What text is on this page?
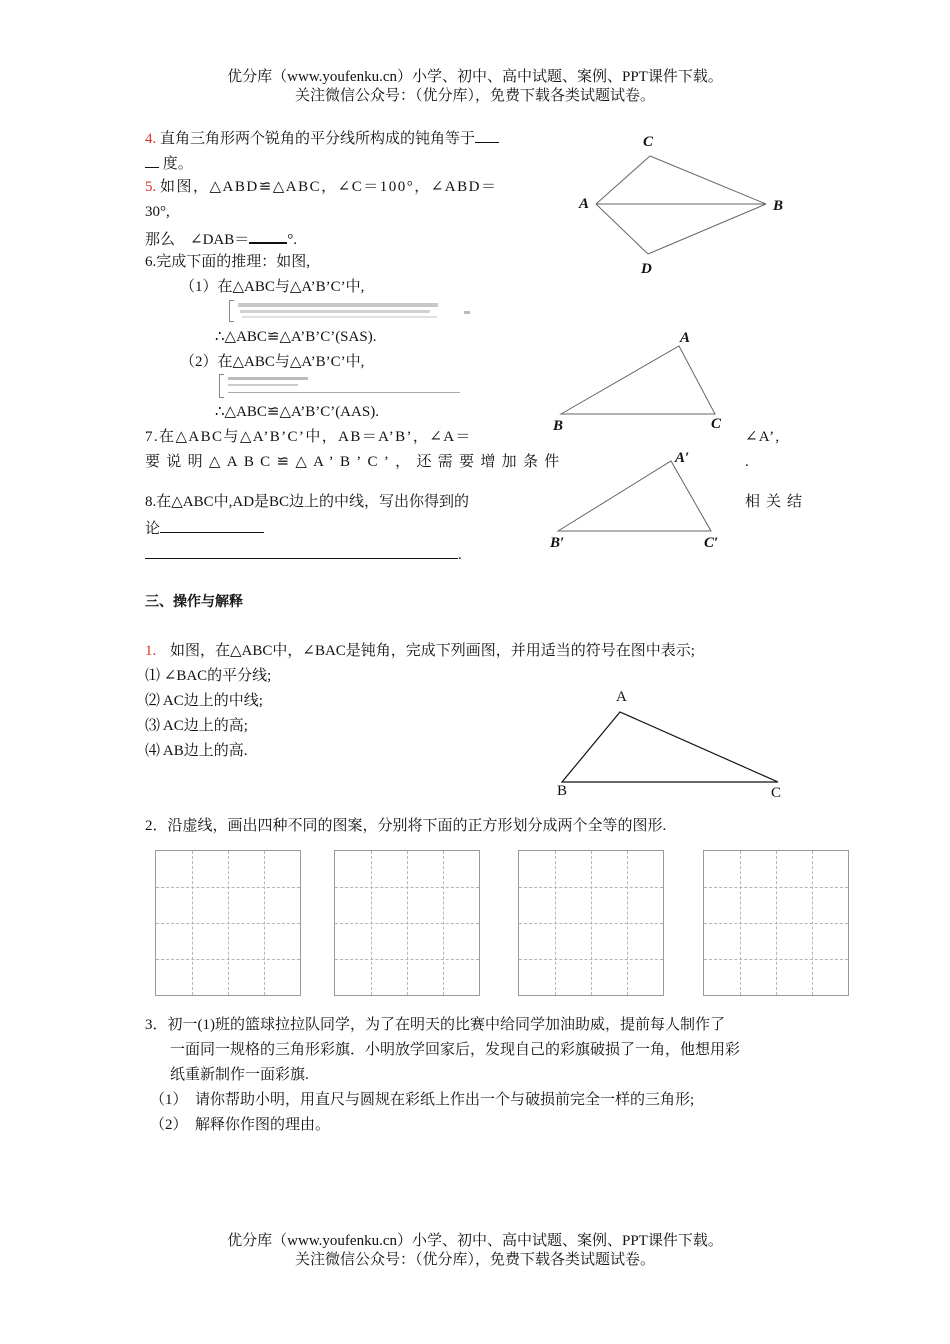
优分库（www.youfenku.cn）小学、初中、高中试题、案例、PPT课件下载。
关注微信公众号：（优分库），免费下载各类试题试卷。
4. 直角三角形两个锐角的平分线所构成的钝角等于
度。
5. 如图，△ABD≌△ABC，∠C＝100°，∠ABD＝
30°,
那么　∠DAB＝	°.
C
A	B
D
6.完成下面的推理：如图,
（1）在△ABC与△A’B’C’中,
∴△ABC≌△A’B’C’(SAS).
（2）在△ABC与△A’B’C’中,
∴△ABC≌△A’B’C’(AAS).
A
B	C
7.在△ABC与△A’B’C’中，AB＝A’B’，∠A＝	∠A’,
要说明△ABC≌△A’B’C’，还需要增加条件	.
A′
B′	C′
8.在△ABC中,AD是BC边上的中线，写出你得到的	相关结
论
.
三、操作与解释
1. 如图，在△ABC中，∠BAC是钝角，完成下列画图，并用适当的符号在图中表示;
⑴ ∠BAC的平分线;
⑵ AC边上的中线;
⑶ AC边上的高;
⑷ AB边上的高.
A
B	C
2．沿虚线，画出四种不同的图案，分别将下面的正方形划分成两个全等的图形.
3．初一(1)班的篮球拉拉队同学，为了在明天的比赛中给同学加油助威，提前每人制作了
一面同一规格的三角形彩旗．小明放学回家后，发现自己的彩旗破损了一角，他想用彩
纸重新制作一面彩旗.
（1）　请你帮助小明，用直尺与圆规在彩纸上作出一个与破损前完全一样的三角形;
（2）　解释你作图的理由。
优分库（www.youfenku.cn）小学、初中、高中试题、案例、PPT课件下载。
关注微信公众号：（优分库），免费下载各类试题试卷。
